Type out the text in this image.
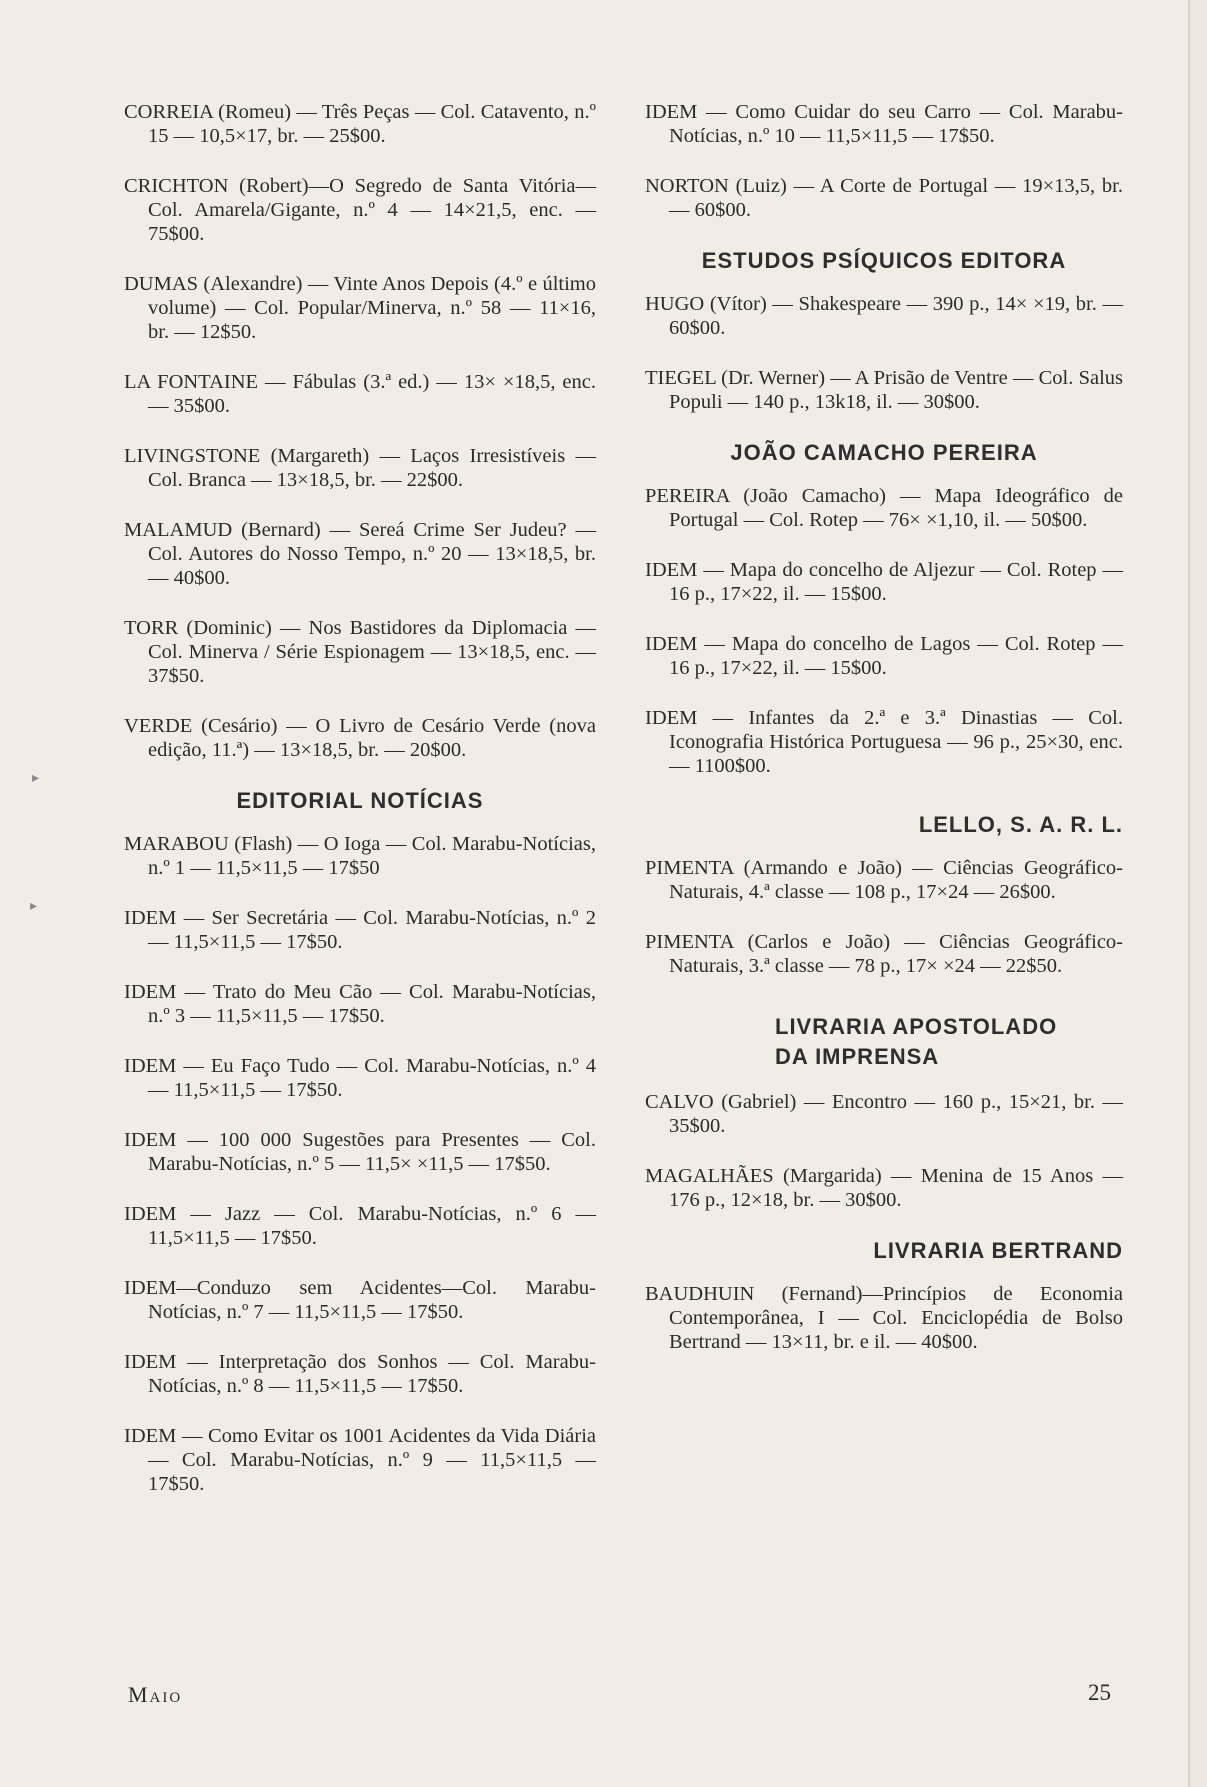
CORREIA (Romeu) — Três Peças — Col. Catavento, n.º 15 — 10,5×17, br. — 25$00.

CRICHTON (Robert)—O Segredo de Santa Vitória—Col. Amarela/Gigante, n.º 4 — 14×21,5, enc. — 75$00.

DUMAS (Alexandre) — Vinte Anos Depois (4.º e último volume) — Col. Popular/Minerva, n.º 58 — 11×16, br. — 12$50.

LA FONTAINE — Fábulas (3.ª ed.) — 13× ×18,5, enc. — 35$00.

LIVINGSTONE (Margareth) — Laços Irresistíveis — Col. Branca — 13×18,5, br. — 22$00.

MALAMUD (Bernard) — Sereá Crime Ser Judeu? — Col. Autores do Nosso Tempo, n.º 20 — 13×18,5, br. — 40$00.

TORR (Dominic) — Nos Bastidores da Diplomacia — Col. Minerva / Série Espionagem — 13×18,5, enc. — 37$50.

VERDE (Cesário) — O Livro de Cesário Verde (nova edição, 11.ª) — 13×18,5, br. — 20$00.

EDITORIAL NOTÍCIAS

MARABOU (Flash) — O Ioga — Col. Marabu-Notícias, n.º 1 — 11,5×11,5 — 17$50

IDEM — Ser Secretária — Col. Marabu-Notícias, n.º 2 — 11,5×11,5 — 17$50.

IDEM — Trato do Meu Cão — Col. Marabu-Notícias, n.º 3 — 11,5×11,5 — 17$50.

IDEM — Eu Faço Tudo — Col. Marabu-Notícias, n.º 4 — 11,5×11,5 — 17$50.

IDEM — 100 000 Sugestões para Presentes — Col. Marabu-Notícias, n.º 5 — 11,5× ×11,5 — 17$50.

IDEM — Jazz — Col. Marabu-Notícias, n.º 6 — 11,5×11,5 — 17$50.

IDEM—Conduzo sem Acidentes—Col. Marabu-Notícias, n.º 7 — 11,5×11,5 — 17$50.

IDEM — Interpretação dos Sonhos — Col. Marabu-Notícias, n.º 8 — 11,5×11,5 — 17$50.

IDEM — Como Evitar os 1001 Acidentes da Vida Diária — Col. Marabu-Notícias, n.º 9 — 11,5×11,5 — 17$50.

IDEM — Como Cuidar do seu Carro — Col. Marabu-Notícias, n.º 10 — 11,5×11,5 — 17$50.

NORTON (Luiz) — A Corte de Portugal — 19×13,5, br. — 60$00.

ESTUDOS PSÍQUICOS EDITORA

HUGO (Vítor) — Shakespeare — 390 p., 14× ×19, br. — 60$00.

TIEGEL (Dr. Werner) — A Prisão de Ventre — Col. Salus Populi — 140 p., 13k18, il. — 30$00.

JOÃO CAMACHO PEREIRA

PEREIRA (João Camacho) — Mapa Ideográfico de Portugal — Col. Rotep — 76× ×1,10, il. — 50$00.

IDEM — Mapa do concelho de Aljezur — Col. Rotep — 16 p., 17×22, il. — 15$00.

IDEM — Mapa do concelho de Lagos — Col. Rotep — 16 p., 17×22, il. — 15$00.

IDEM — Infantes da 2.ª e 3.ª Dinastias — Col. Iconografia Histórica Portuguesa — 96 p., 25×30, enc. — 1100$00.

LELLO, S. A. R. L.

PIMENTA (Armando e João) — Ciências Geográfico-Naturais, 4.ª classe — 108 p., 17×24 — 26$00.

PIMENTA (Carlos e João) — Ciências Geográfico-Naturais, 3.ª classe — 78 p., 17× ×24 — 22$50.

LIVRARIA APOSTOLADO
DA IMPRENSA

CALVO (Gabriel) — Encontro — 160 p., 15×21, br. — 35$00.

MAGALHÃES (Margarida) — Menina de 15 Anos — 176 p., 12×18, br. — 30$00.

LIVRARIA BERTRAND

BAUDHUIN (Fernand)—Princípios de Economia Contemporânea, I — Col. Enciclopédia de Bolso Bertrand — 13×11, br. e il. — 40$00.

Maio	25
▸
▸
